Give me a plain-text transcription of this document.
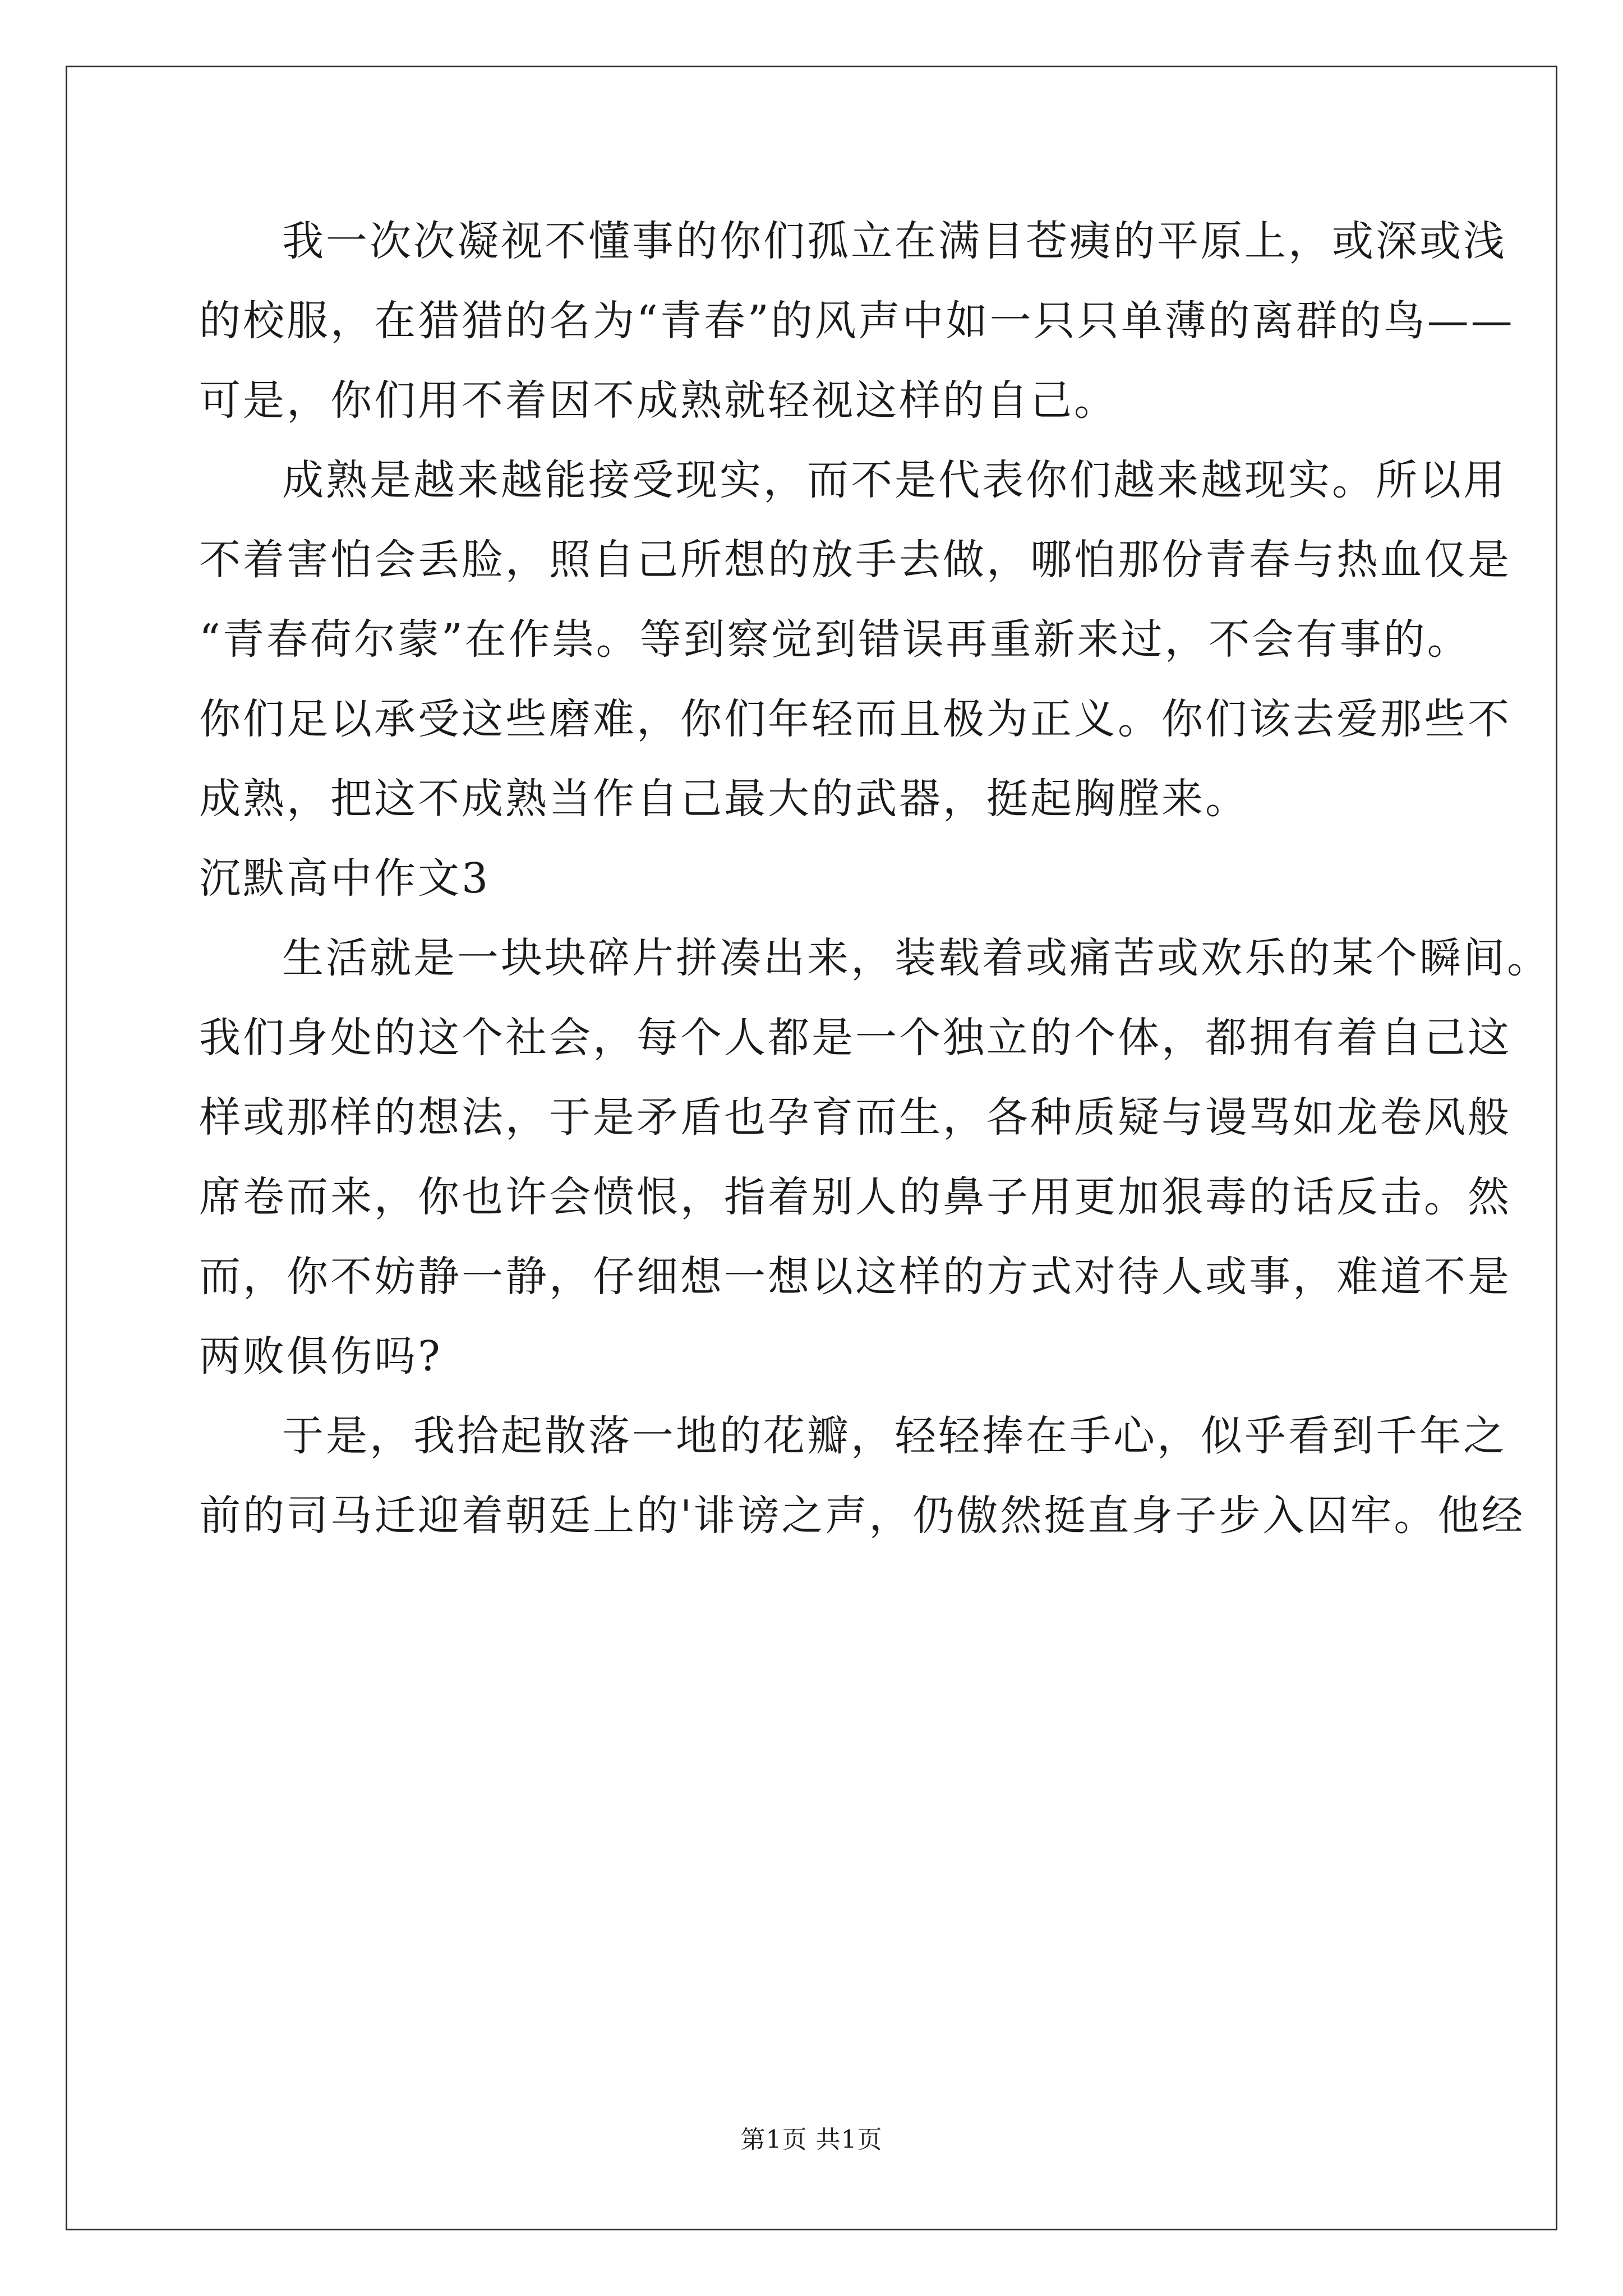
我一次次凝视不懂事的你们孤立在满目苍痍的平原上，或深或浅
的校服，在猎猎的名为“青春”的风声中如一只只单薄的离群的鸟——
可是，你们用不着因不成熟就轻视这样的自己。
成熟是越来越能接受现实，而不是代表你们越来越现实。所以用
不着害怕会丢脸，照自己所想的放手去做，哪怕那份青春与热血仅是
“青春荷尔蒙”在作祟。等到察觉到错误再重新来过，不会有事的。
你们足以承受这些磨难，你们年轻而且极为正义。你们该去爱那些不
成熟，把这不成熟当作自己最大的武器，挺起胸膛来。
沉默高中作文3
生活就是一块块碎片拼凑出来，装载着或痛苦或欢乐的某个瞬间。
我们身处的这个社会，每个人都是一个独立的个体，都拥有着自己这
样或那样的想法，于是矛盾也孕育而生，各种质疑与谩骂如龙卷风般
席卷而来，你也许会愤恨，指着别人的鼻子用更加狠毒的话反击。然
而，你不妨静一静，仔细想一想以这样的方式对待人或事，难道不是
两败俱伤吗?
于是，我拾起散落一地的花瓣，轻轻捧在手心，似乎看到千年之
前的司马迁迎着朝廷上的'诽谤之声，仍傲然挺直身子步入囚牢。他经
第1页 共1页
